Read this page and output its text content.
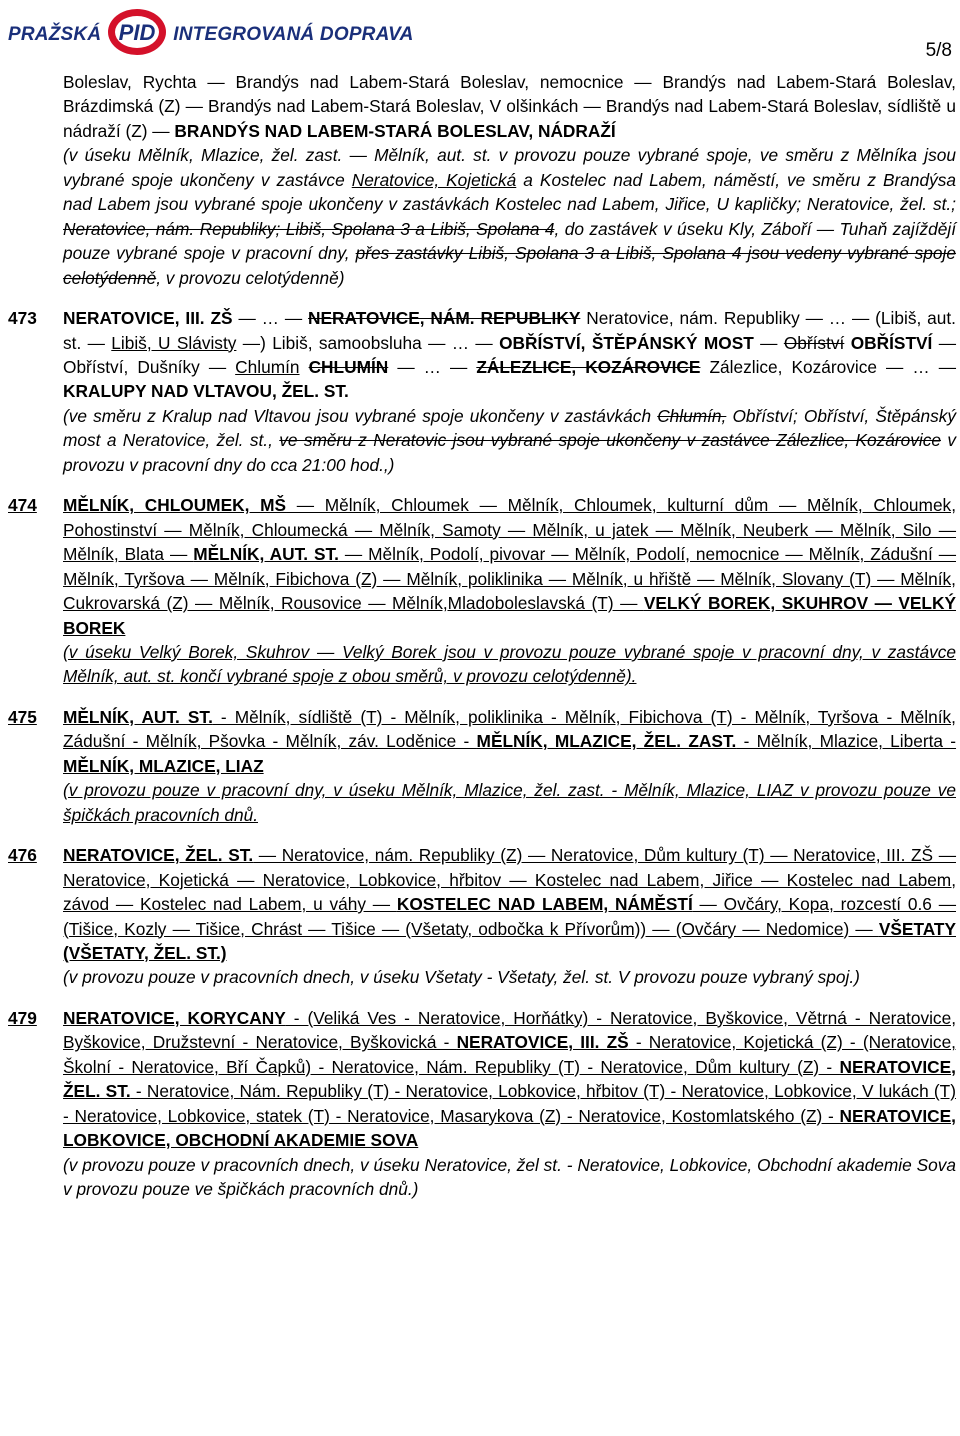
PRAŽSKÁ PID INTEGROVANÁ DOPRAVA
5/8
Boleslav, Rychta — Brandýs nad Labem-Stará Boleslav, nemocnice — Brandýs nad Labem-Stará Boleslav, Brázdimská (Z) — Brandýs nad Labem-Stará Boleslav, V olšinkách — Brandýs nad Labem-Stará Boleslav, sídliště u nádraží (Z) — BRANDÝS NAD LABEM-STARÁ BOLESLAV, NÁDRAŽÍ
(v úseku Mělník, Mlazice, žel. zast. — Mělník, aut. st. v provozu pouze vybrané spoje, ve směru z Mělníka jsou vybrané spoje ukončeny v zastávce Neratovice, Kojetická a Kostelec nad Labem, náměstí, ve směru z Brandýsa nad Labem jsou vybrané spoje ukončeny v zastávkách Kostelec nad Labem, Jiřice, U kapličky; Neratovice, žel. st.; Neratovice, nám. Republiky; Libiš, Spolana 3 a Libiš, Spolana 4, do zastávek v úseku Kly, Záboří — Tuhaň zajíždějí pouze vybrané spoje v pracovní dny, přes zastávky Libiš, Spolana 3 a Libiš, Spolana 4 jsou vedeny vybrané spoje celotýdenně, v provozu celotýdenně)
473	NERATOVICE, III. ZŠ — … — NERATOVICE, NÁM. REPUBLIKY Neratovice, nám. Republiky — … — (Libiš, aut. st. — Libiš, U Slávisty —) Libiš, samoobsluha — … — OBŘÍSTVÍ, ŠTĚPÁNSKÝ MOST — Obříství OBŘÍSTVÍ — Obříství, Dušníky — Chlumín CHLUMÍN — … — ZÁLEZLICE, KOZÁROVICE Zálezlice, Kozárovice — … — KRALUPY NAD VLTAVOU, ŽEL. ST.
(ve směru z Kralup nad Vltavou jsou vybrané spoje ukončeny v zastávkách Chlumín, Obříství; Obříství, Štěpánský most a Neratovice, žel. st., ve směru z Neratovic jsou vybrané spoje ukončeny v zastávce Zálezlice, Kozárovice v provozu v pracovní dny do cca 21:00 hod.,)
474	MĚLNÍK, CHLOUMEK, MŠ — Mělník, Chloumek — Mělník, Chloumek, kulturní dům — Mělník, Chloumek, Pohostinství — Mělník, Chloumecká — Mělník, Samoty — Mělník, u jatek — Mělník, Neuberk — Mělník, Silo — Mělník, Blata — MĚLNÍK, AUT. ST. — Mělník, Podolí, pivovar — Mělník, Podolí, nemocnice — Mělník, Zádušní — Mělník, Tyršova — Mělník, Fibichova (Z) — Mělník, poliklinika — Mělník, u hřiště — Mělník, Slovany (T) — Mělník, Cukrovarská (Z) — Mělník, Rousovice — Mělník,Mladoboleslavská (T) — VELKÝ BOREK, SKUHROV — VELKÝ BOREK
(v úseku Velký Borek, Skuhrov — Velký Borek jsou v provozu pouze vybrané spoje v pracovní dny, v zastávce Mělník, aut. st. končí vybrané spoje z obou směrů, v provozu celotýdenně).
475	MĚLNÍK, AUT. ST. - Mělník, sídliště (T) - Mělník, poliklinika - Mělník, Fibichova (T) - Mělník, Tyršova - Mělník, Zádušní - Mělník, Pšovka - Mělník, záv. Loděnice - MĚLNÍK, MLAZICE, ŽEL. ZAST. - Mělník, Mlazice, Liberta - MĚLNÍK, MLAZICE, LIAZ
(v provozu pouze v pracovní dny, v úseku Mělník, Mlazice, žel. zast. - Mělník, Mlazice, LIAZ v provozu pouze ve špičkách pracovních dnů.
476	NERATOVICE, ŽEL. ST. — Neratovice, nám. Republiky (Z) — Neratovice, Dům kultury (T) — Neratovice, III. ZŠ — Neratovice, Kojetická — Neratovice, Lobkovice, hřbitov — Kostelec nad Labem, Jiřice — Kostelec nad Labem, závod — Kostelec nad Labem, u váhy — KOSTELEC NAD LABEM, NÁMĚSTÍ — Ovčáry, Kopa, rozcestí 0.6 — (Tišice, Kozly — Tišice, Chrást — Tišice — (Všetaty, odbočka k Přívorům)) — (Ovčáry — Nedomice) — VŠETATY (VŠETATY, ŽEL. ST.)
(v provozu pouze v pracovních dnech, v úseku Všetaty - Všetaty, žel. st. V provozu pouze vybraný spoj.)
479	NERATOVICE, KORYCANY - (Veliká Ves - Neratovice, Horňátky) - Neratovice, Byškovice, Větrná - Neratovice, Byškovice, Družstevní - Neratovice, Byškovická - NERATOVICE, III. ZŠ - Neratovice, Kojetická (Z) - (Neratovice, Školní - Neratovice, Bří Čapků) - Neratovice, Nám. Republiky (T) - Neratovice, Dům kultury (Z) - NERATOVICE, ŽEL. ST. - Neratovice, Nám. Republiky (T) - Neratovice, Lobkovice, hřbitov (T) - Neratovice, Lobkovice, V lukách (T) - Neratovice, Lobkovice, statek (T) - Neratovice, Masarykova (Z) - Neratovice, Kostomlatského (Z) - NERATOVICE, LOBKOVICE, OBCHODNÍ AKADEMIE SOVA
(v provozu pouze v pracovních dnech, v úseku Neratovice, žel st. - Neratovice, Lobkovice, Obchodní akademie Sova v provozu pouze ve špičkách pracovních dnů.)
